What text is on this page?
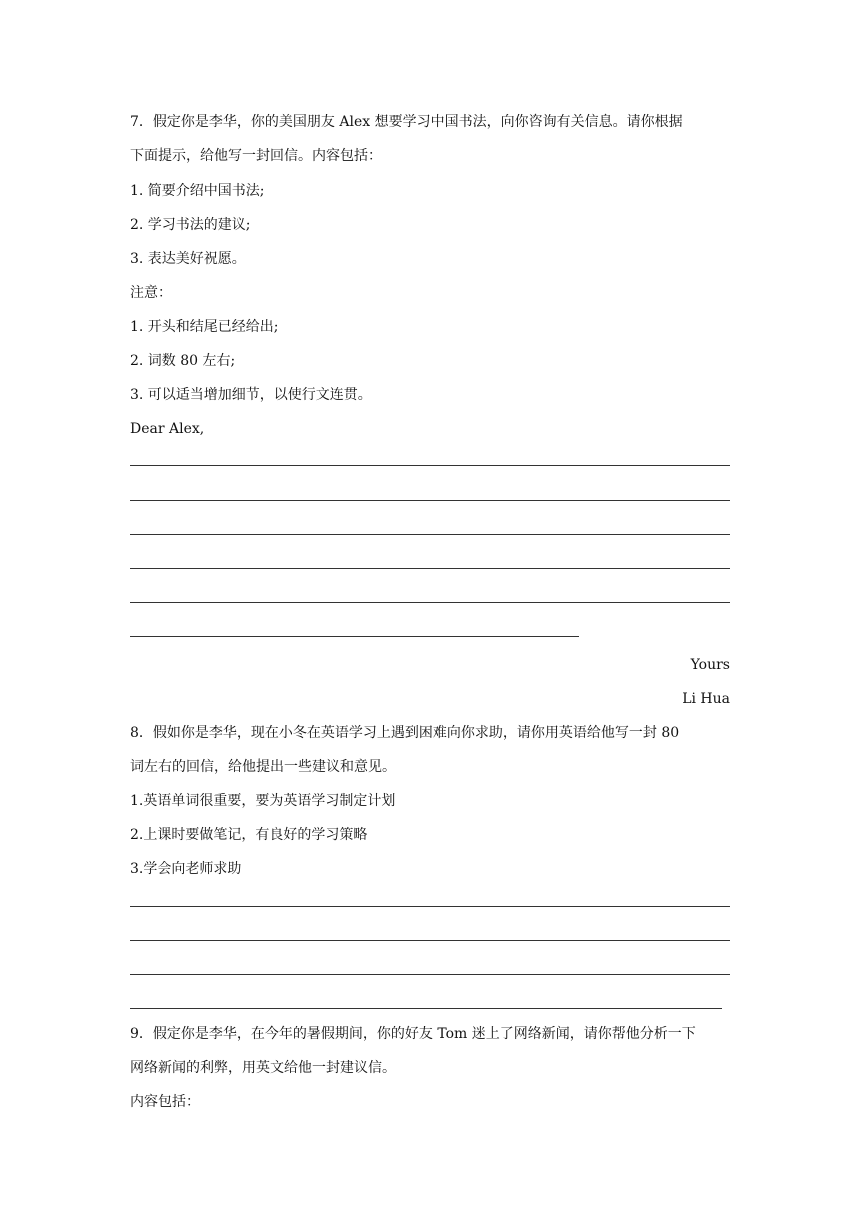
7．假定你是李华，你的美国朋友 Alex 想要学习中国书法，向你咨询有关信息。请你根据
下面提示，给他写一封回信。内容包括：
1. 简要介绍中国书法;
2. 学习书法的建议;
3. 表达美好祝愿。
注意：
1. 开头和结尾已经给出;
2. 词数 80 左右;
3. 可以适当增加细节，以使行文连贯。
Dear Alex,
Yours
Li Hua
8．假如你是李华，现在小冬在英语学习上遇到困难向你求助，请你用英语给他写一封 80
词左右的回信，给他提出一些建议和意见。
1.英语单词很重要，要为英语学习制定计划
2.上课时要做笔记，有良好的学习策略
3.学会向老师求助
9．假定你是李华，在今年的暑假期间，你的好友 Tom 迷上了网络新闻，请你帮他分析一下
网络新闻的利弊，用英文给他一封建议信。
内容包括：
